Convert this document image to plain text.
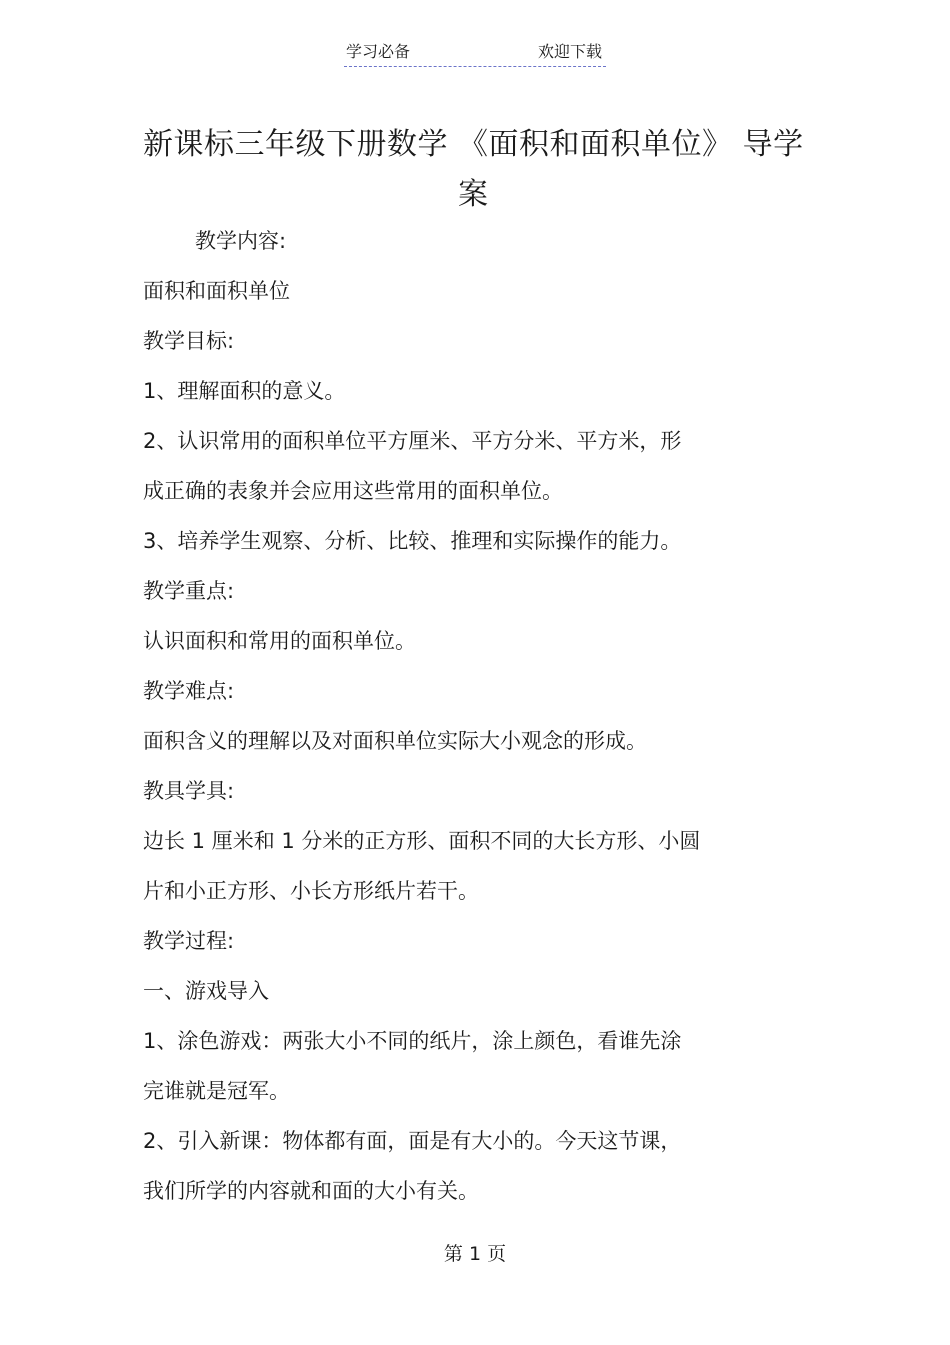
学习必备	欢迎下载
新课标三年级下册数学 《面积和面积单位》 导学
案
教学内容:
面积和面积单位
教学目标:
1、理解面积的意义。
2、认识常用的面积单位平方厘米、平方分米、平方米，形
成正确的表象并会应用这些常用的面积单位。
3、培养学生观察、分析、比较、推理和实际操作的能力。
教学重点:
认识面积和常用的面积单位。
教学难点:
面积含义的理解以及对面积单位实际大小观念的形成。
教具学具:
边长 1 厘米和 1 分米的正方形、面积不同的大长方形、小圆
片和小正方形、小长方形纸片若干。
教学过程:
一、游戏导入
1、涂色游戏：两张大小不同的纸片，涂上颜色，看谁先涂
完谁就是冠军。
2、引入新课：物体都有面，面是有大小的。今天这节课，
我们所学的内容就和面的大小有关。
第 1 页
